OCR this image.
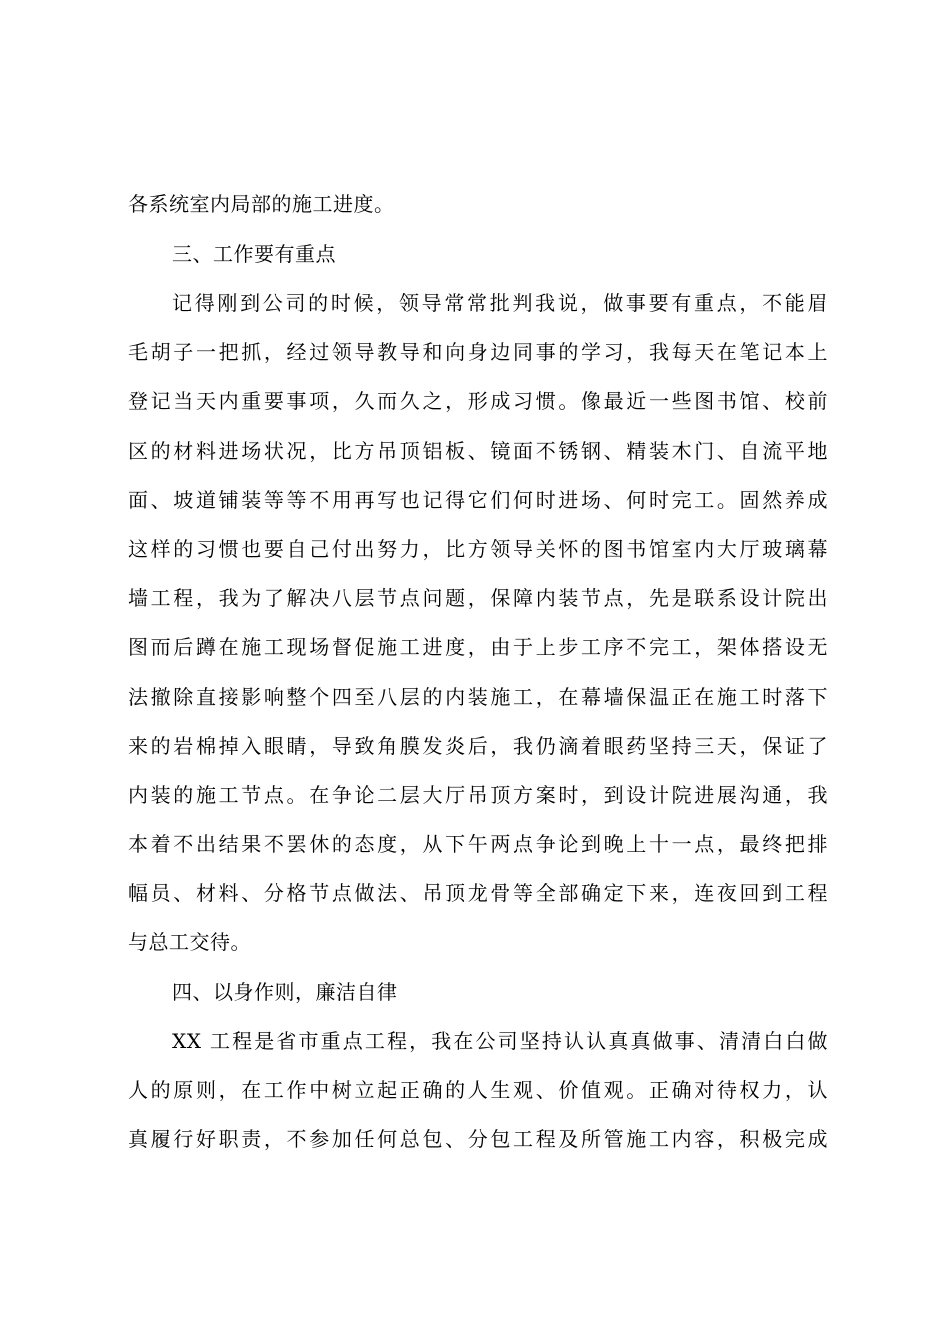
各系统室内局部的施工进度。
三、工作要有重点
记得刚到公司的时候，领导常常批判我说，做事要有重点，不能眉
毛胡子一把抓，经过领导教导和向身边同事的学习，我每天在笔记本上
登记当天内重要事项，久而久之，形成习惯。像最近一些图书馆、校前
区的材料进场状况，比方吊顶铝板、镜面不锈钢、精装木门、自流平地
面、坡道铺装等等不用再写也记得它们何时进场、何时完工。固然养成
这样的习惯也要自己付出努力，比方领导关怀的图书馆室内大厅玻璃幕
墙工程，我为了解决八层节点问题，保障内装节点，先是联系设计院出
图而后蹲在施工现场督促施工进度，由于上步工序不完工，架体搭设无
法撤除直接影响整个四至八层的内装施工，在幕墙保温正在施工时落下
来的岩棉掉入眼睛，导致角膜发炎后，我仍滴着眼药坚持三天，保证了
内装的施工节点。在争论二层大厅吊顶方案时，到设计院进展沟通，我
本着不出结果不罢休的态度，从下午两点争论到晚上十一点，最终把排
幅员、材料、分格节点做法、吊顶龙骨等全部确定下来，连夜回到工程
与总工交待。
四、以身作则，廉洁自律
XX 工程是省市重点工程，我在公司坚持认认真真做事、清清白白做
人的原则，在工作中树立起正确的人生观、价值观。正确对待权力，认
真履行好职责，不参加任何总包、分包工程及所管施工内容，积极完成
